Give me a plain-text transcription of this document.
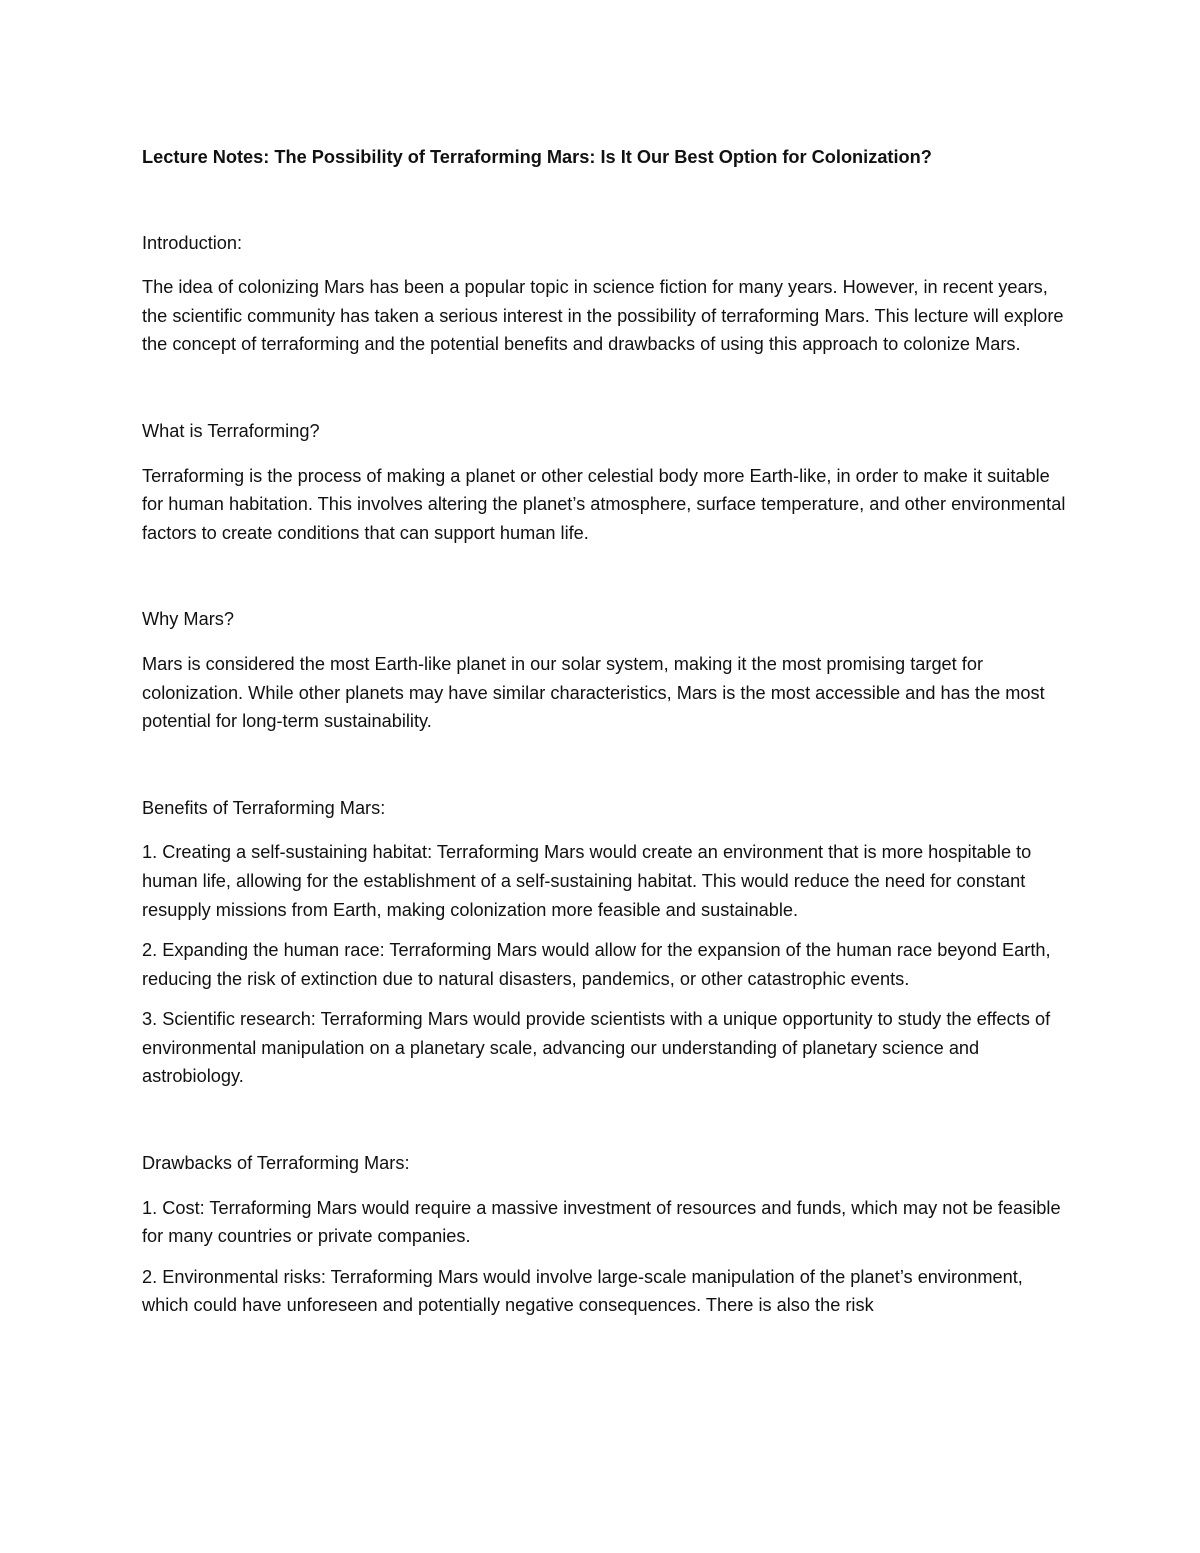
Lecture Notes: The Possibility of Terraforming Mars: Is It Our Best Option for Colonization?

Introduction:

The idea of colonizing Mars has been a popular topic in science fiction for many years. However, in recent years, the scientific community has taken a serious interest in the possibility of terraforming Mars. This lecture will explore the concept of terraforming and the potential benefits and drawbacks of using this approach to colonize Mars.

What is Terraforming?

Terraforming is the process of making a planet or other celestial body more Earth-like, in order to make it suitable for human habitation. This involves altering the planet’s atmosphere, surface temperature, and other environmental factors to create conditions that can support human life.

Why Mars?

Mars is considered the most Earth-like planet in our solar system, making it the most promising target for colonization. While other planets may have similar characteristics, Mars is the most accessible and has the most potential for long-term sustainability.

Benefits of Terraforming Mars:

1. Creating a self-sustaining habitat: Terraforming Mars would create an environment that is more hospitable to human life, allowing for the establishment of a self-sustaining habitat. This would reduce the need for constant resupply missions from Earth, making colonization more feasible and sustainable.

2. Expanding the human race: Terraforming Mars would allow for the expansion of the human race beyond Earth, reducing the risk of extinction due to natural disasters, pandemics, or other catastrophic events.

3. Scientific research: Terraforming Mars would provide scientists with a unique opportunity to study the effects of environmental manipulation on a planetary scale, advancing our understanding of planetary science and astrobiology.

Drawbacks of Terraforming Mars:

1. Cost: Terraforming Mars would require a massive investment of resources and funds, which may not be feasible for many countries or private companies.

2. Environmental risks: Terraforming Mars would involve large-scale manipulation of the planet’s environment, which could have unforeseen and potentially negative consequences. There is also the risk
